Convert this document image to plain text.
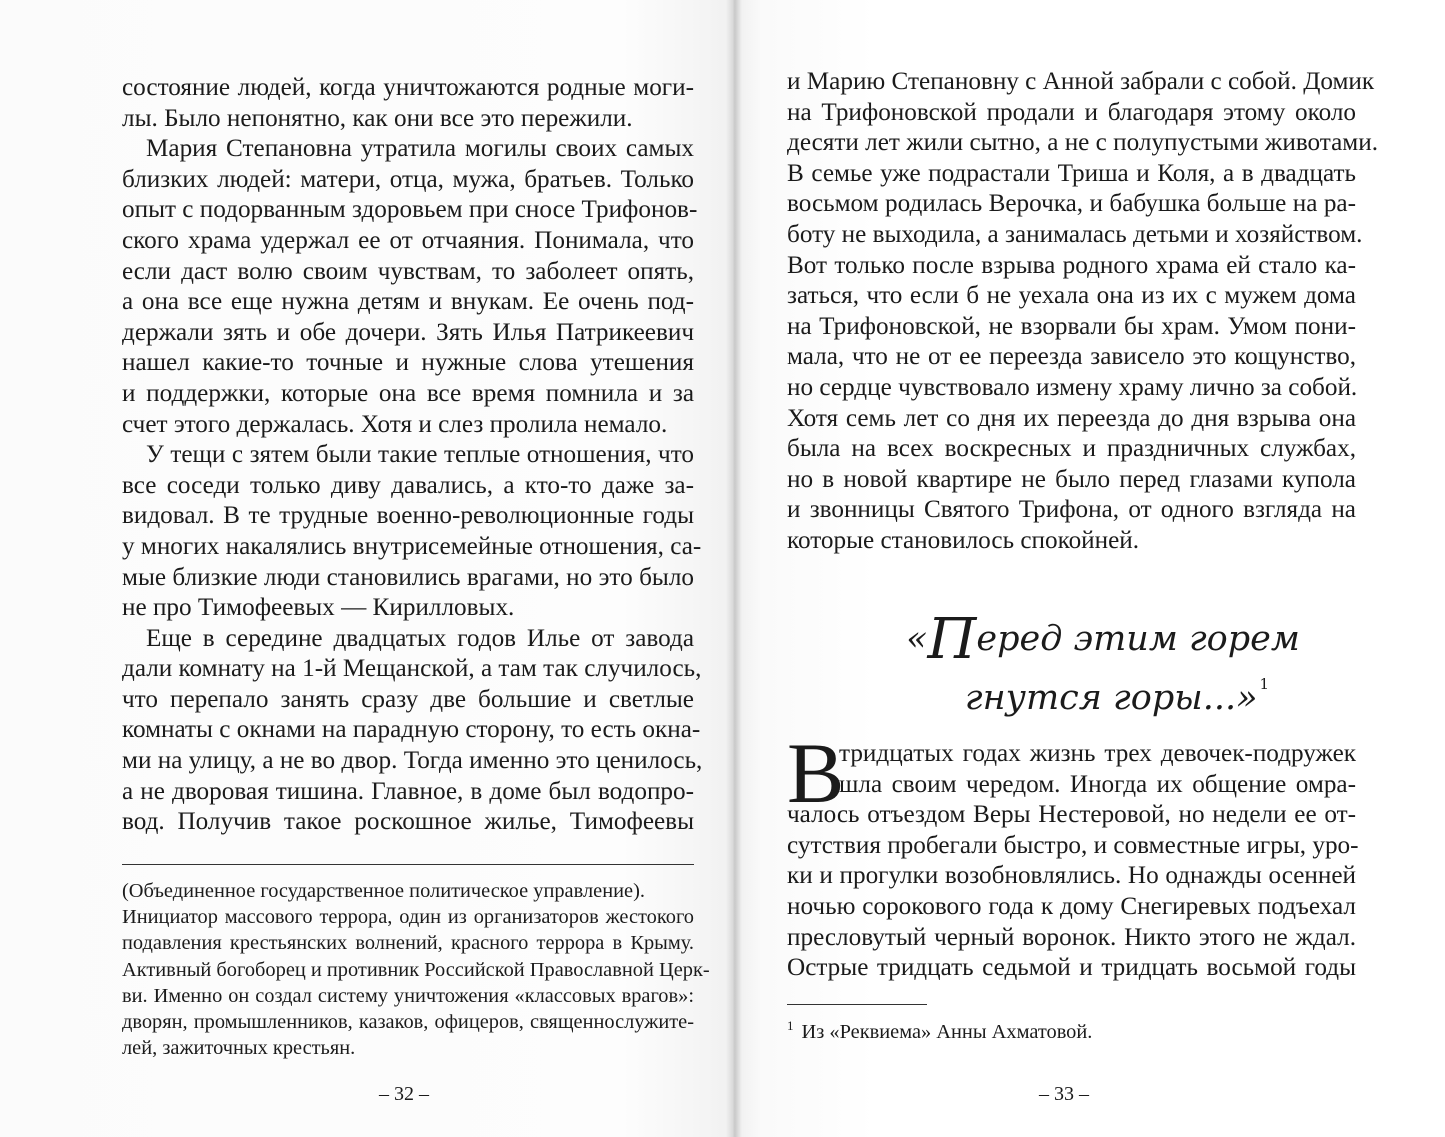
состояние людей, когда уничтожаются родные моги-
лы. Было непонятно, как они все это пережили.
Мария Степановна утратила могилы своих самых
близких людей: матери, отца, мужа, братьев. Только
опыт с подорванным здоровьем при сносе Трифонов-
ского храма удержал ее от отчаяния. Понимала, что
если даст волю своим чувствам, то заболеет опять,
а она все еще нужна детям и внукам. Ее очень под-
держали зять и обе дочери. Зять Илья Патрикеевич
нашел какие-то точные и нужные слова утешения
и поддержки, которые она все время помнила и за
счет этого держалась. Хотя и слез пролила немало.
У тещи с зятем были такие теплые отношения, что
все соседи только диву давались, а кто-то даже за-
видовал. В те трудные военно-революционные годы
у многих накалялись внутрисемейные отношения, са-
мые близкие люди становились врагами, но это было
не про Тимофеевых — Кирилловых.
Еще в середине двадцатых годов Илье от завода
дали комнату на 1-й Мещанской, а там так случилось,
что перепало занять сразу две большие и светлые
комнаты с окнами на парадную сторону, то есть окна-
ми на улицу, а не во двор. Тогда именно это ценилось,
а не дворовая тишина. Главное, в доме был водопро-
вод. Получив такое роскошное жилье, Тимофеевы
(Объединенное государственное политическое управление).
Инициатор массового террора, один из организаторов жестокого
подавления крестьянских волнений, красного террора в Крыму.
Активный богоборец и противник Российской Православной Церк-
ви. Именно он создал систему уничтожения «классовых врагов»:
дворян, промышленников, казаков, офицеров, священнослужите-
лей, зажиточных крестьян.
– 32 –
и Марию Степановну с Анной забрали с собой. Домик
на Трифоновской продали и благодаря этому около
десяти лет жили сытно, а не с полупустыми животами.
В семье уже подрастали Триша и Коля, а в двадцать
восьмом родилась Верочка, и бабушка больше на ра-
боту не выходила, а занималась детьми и хозяйством.
Вот только после взрыва родного храма ей стало ка-
заться, что если б не уехала она из их с мужем дома
на Трифоновской, не взорвали бы храм. Умом пони-
мала, что не от ее переезда зависело это кощунство,
но сердце чувствовало измену храму лично за собой.
Хотя семь лет со дня их переезда до дня взрыва она
была на всех воскресных и праздничных службах,
но в новой квартире не было перед глазами купола
и звонницы Святого Трифона, от одного взгляда на
которые становилось спокойней.
«Перед этим горем
гнутся горы...» $^1$
В
тридцатых годах жизнь трех девочек-подружек
шла своим чередом. Иногда их общение омра-
чалось отъездом Веры Нестеровой, но недели ее от-
сутствия пробегали быстро, и совместные игры, уро-
ки и прогулки возобновлялись. Но однажды осенней
ночью сорокового года к дому Снегиревых подъехал
пресловутый черный воронок. Никто этого не ждал.
Острые тридцать седьмой и тридцать восьмой годы
$^1$ Из «Реквиема» Анны Ахматовой.
– 33 –
